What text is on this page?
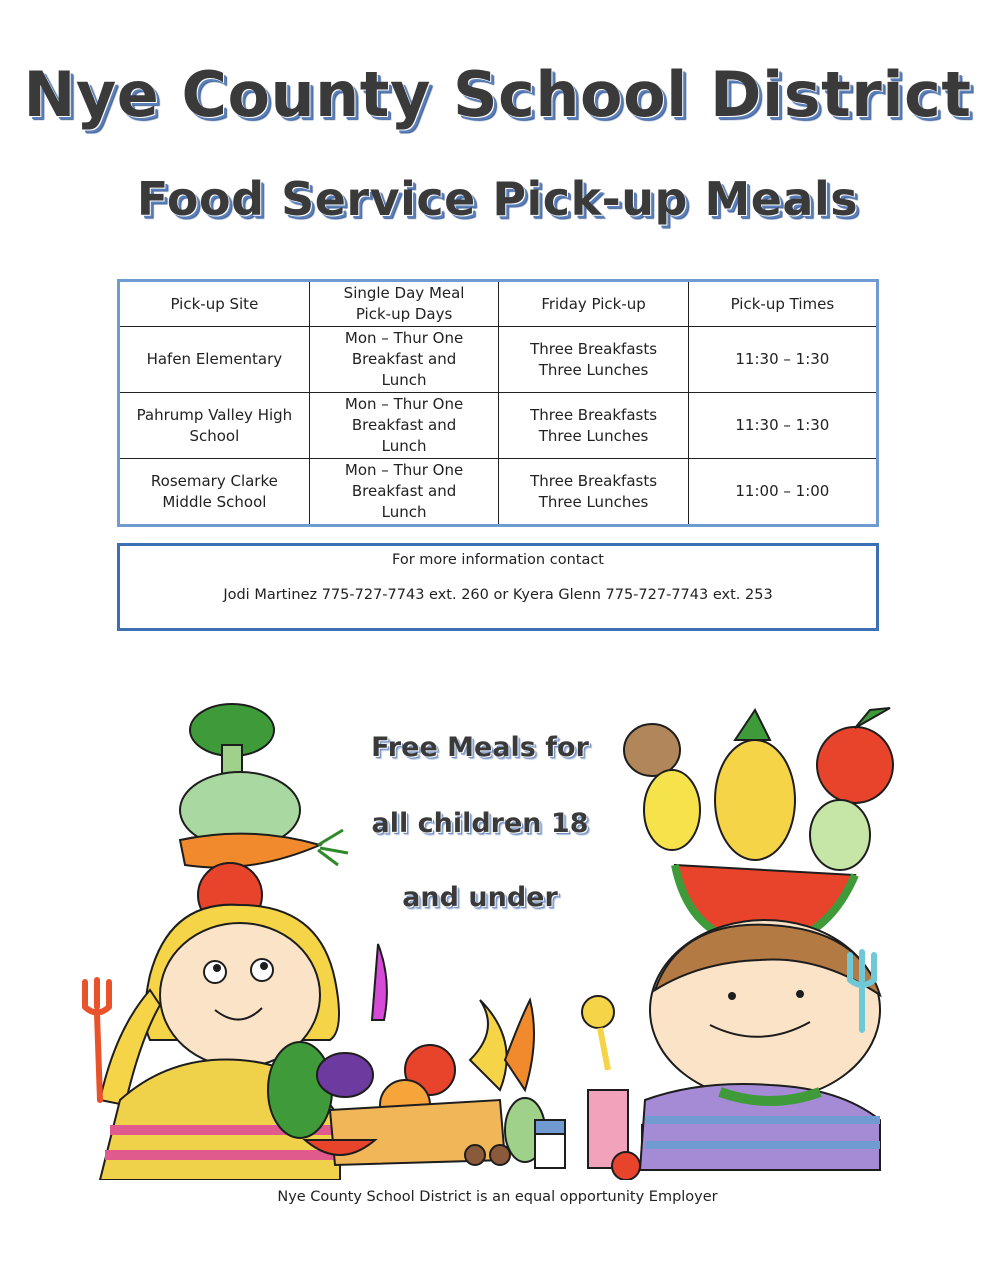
Nye County School District
Food Service Pick-up Meals
Pick-up Site	Single Day Meal Pick-up Days	Friday Pick-up	Pick-up Times
Hafen Elementary	Mon – Thur One Breakfast and Lunch	Three Breakfasts Three Lunches	11:30 – 1:30
Pahrump Valley High School	Mon – Thur One Breakfast and Lunch	Three Breakfasts Three Lunches	11:30 – 1:30
Rosemary Clarke Middle School	Mon – Thur One Breakfast and Lunch	Three Breakfasts Three Lunches	11:00 – 1:00
For more information contact
Jodi Martinez 775-727-7743 ext. 260 or Kyera Glenn 775-727-7743 ext. 253
Free Meals for
all children 18
and under
Nye County School District is an equal opportunity Employer
